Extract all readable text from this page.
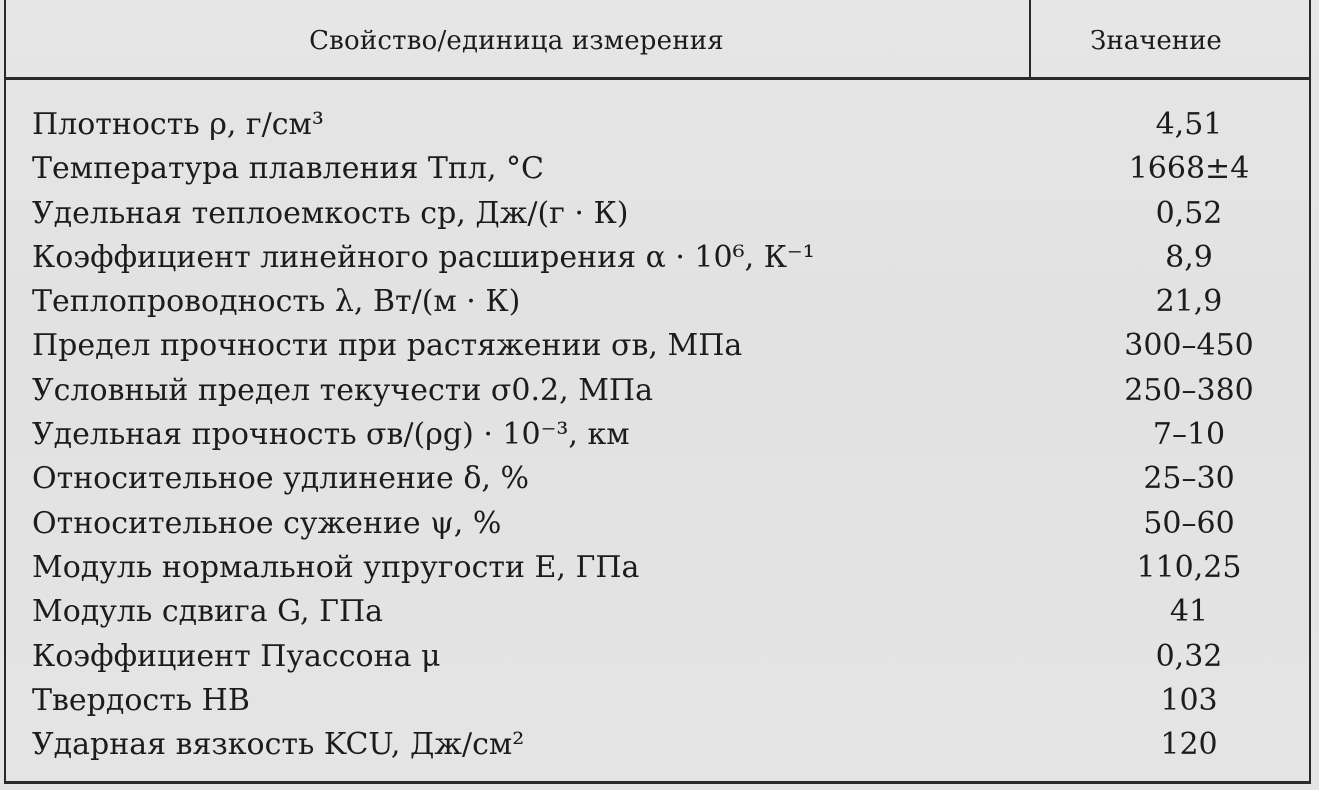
Свойство/единица измерения	Значение
Плотность ρ, г/см³	4,51
Температура плавления Tпл, °С	1668±4
Удельная теплоемкость cp, Дж/(г · К)	0,52
Коэффициент линейного расширения α · 10⁶, К⁻¹	8,9
Теплопроводность λ, Вт/(м · К)	21,9
Предел прочности при растяжении σв, МПа	300–450
Условный предел текучести σ0.2, МПа	250–380
Удельная прочность σв/(ρg) · 10⁻³, км	7–10
Относительное удлинение δ, %	25–30
Относительное сужение ψ, %	50–60
Модуль нормальной упругости E, ГПа	110,25
Модуль сдвига G, ГПа	41
Коэффициент Пуассона μ	0,32
Твердость HB	103
Ударная вязкость KCU, Дж/см²	120
